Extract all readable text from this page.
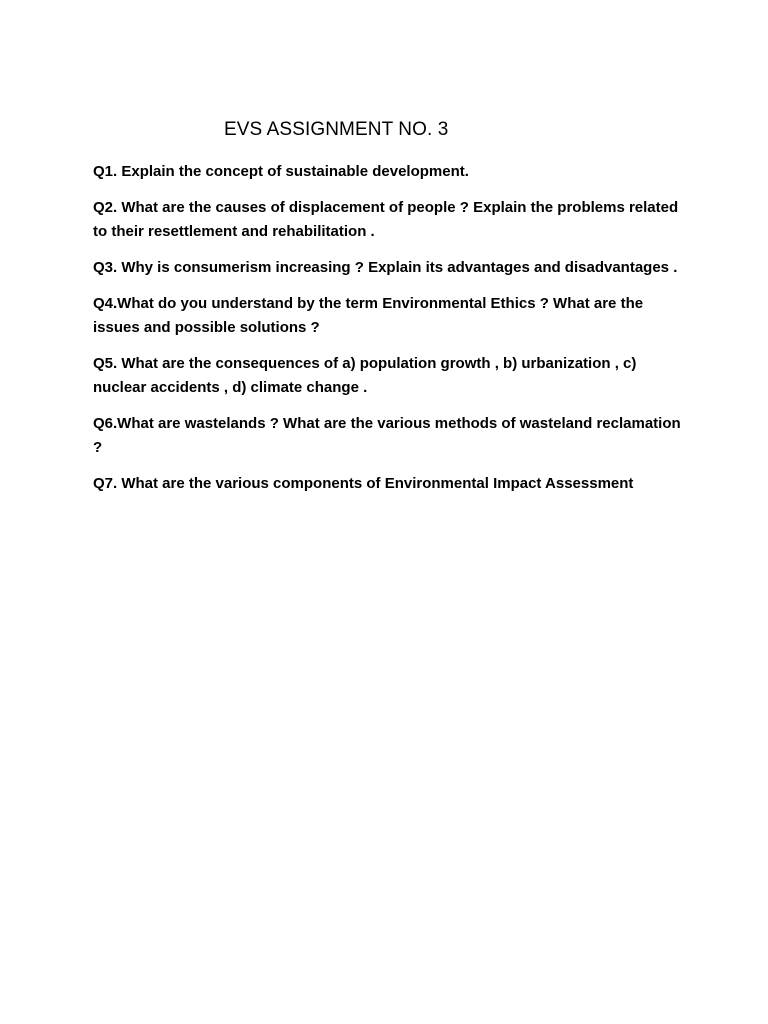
EVS ASSIGNMENT NO. 3
Q1. Explain the concept of sustainable development.
Q2. What are the causes of displacement of people ? Explain the problems related to their resettlement and rehabilitation .
Q3. Why is consumerism increasing ? Explain its advantages and disadvantages .
Q4.What do you understand by the term Environmental Ethics ? What are the issues and possible solutions ?
Q5. What are the consequences of a) population growth , b) urbanization , c) nuclear accidents , d) climate change .
Q6.What are wastelands ? What are the various methods of wasteland reclamation ?
Q7. What are the various components of Environmental Impact Assessment
